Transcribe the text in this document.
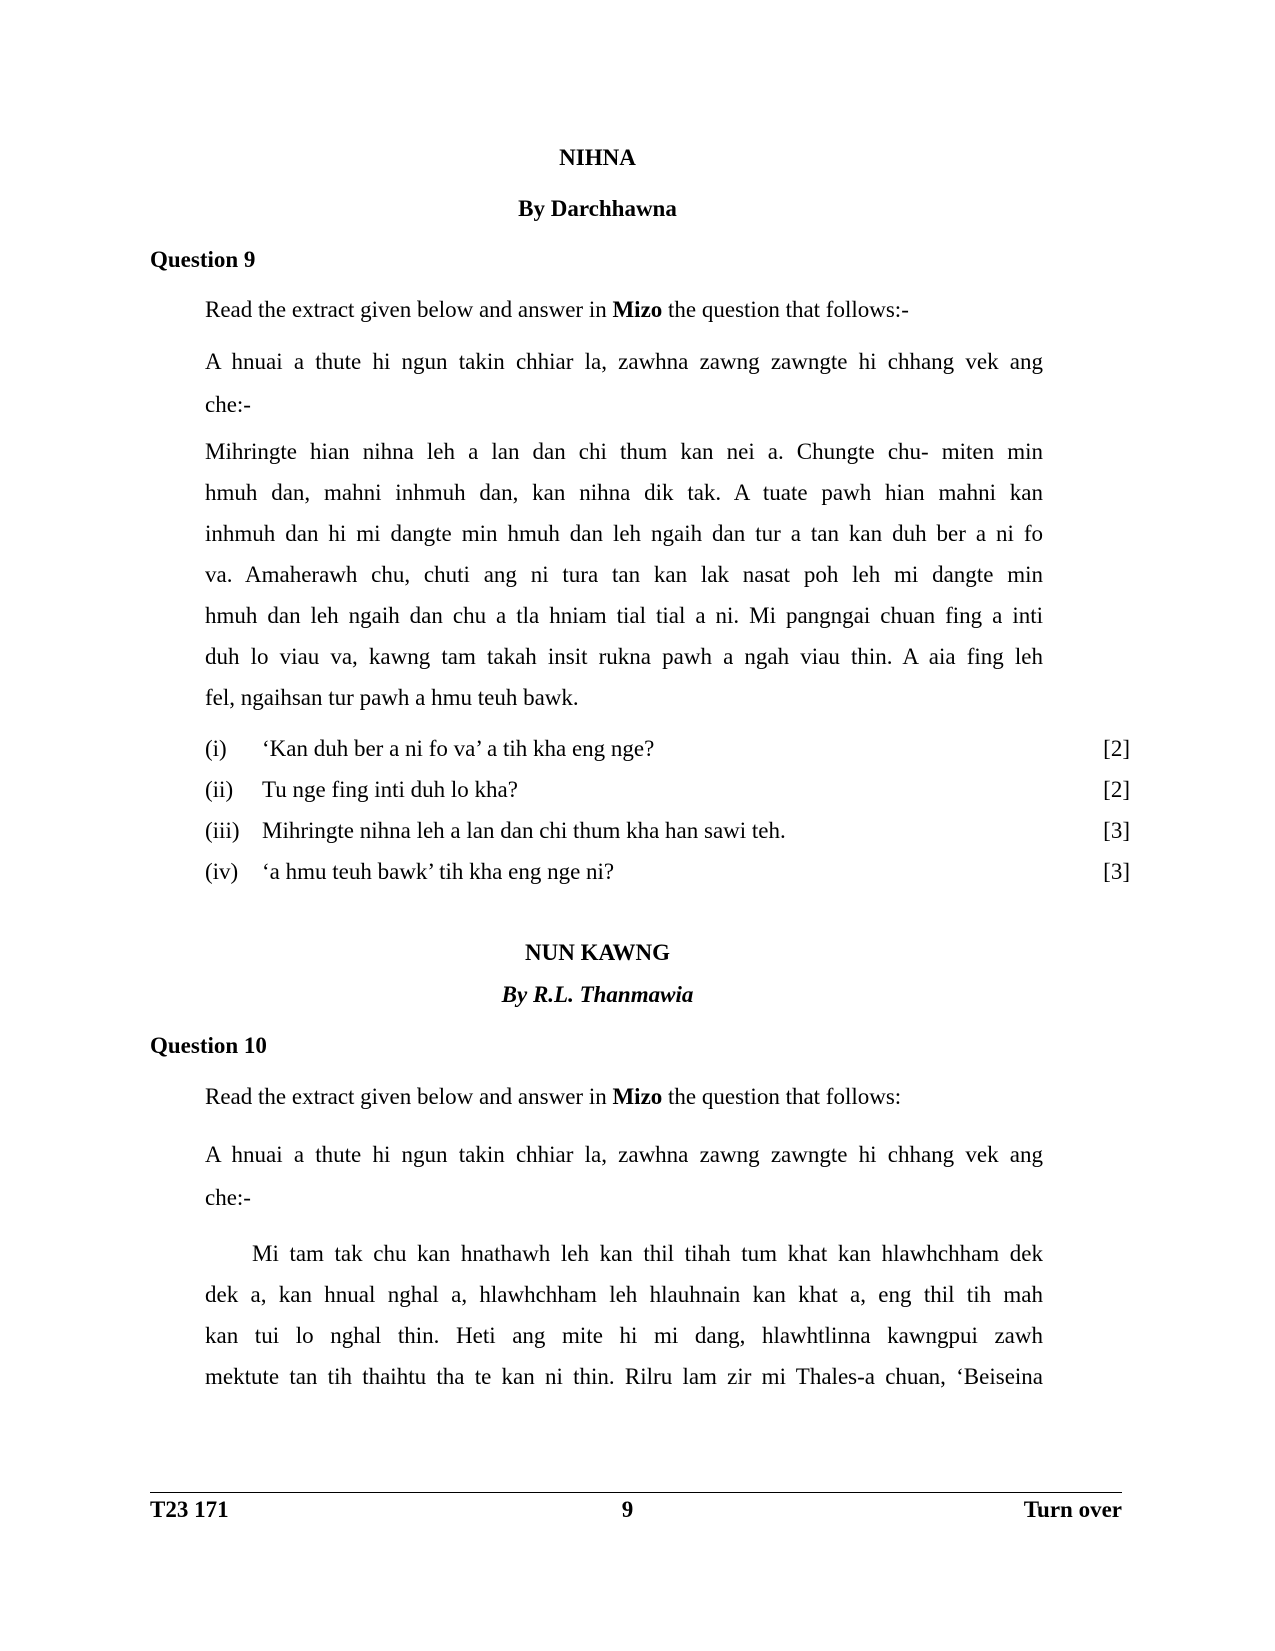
NIHNA
By Darchhawna
Question 9
Read the extract given below and answer in Mizo the question that follows:-
A hnuai a thute hi ngun takin chhiar la, zawhna zawng zawngte hi chhang vek ang
che:-
Mihringte hian nihna leh a lan dan chi thum kan nei a. Chungte chu- miten min
hmuh dan, mahni inhmuh dan, kan nihna dik tak. A tuate pawh hian mahni kan
inhmuh dan hi mi dangte min hmuh dan leh ngaih dan tur a tan kan duh ber a ni fo
va. Amaherawh chu, chuti ang ni tura tan kan lak nasat poh leh mi dangte min
hmuh dan leh ngaih dan chu a tla hniam tial tial a ni. Mi pangngai chuan fing a inti
duh lo viau va, kawng tam takah insit rukna pawh a ngah viau thin. A aia fing leh
fel, ngaihsan tur pawh a hmu teuh bawk.
(i) ‘Kan duh ber a ni fo va’ a tih kha eng nge?	[2]
(ii) Tu nge fing inti duh lo kha?	[2]
(iii) Mihringte nihna leh a lan dan chi thum kha han sawi teh.	[3]
(iv) ‘a hmu teuh bawk’ tih kha eng nge ni?	[3]
NUN KAWNG
By R.L. Thanmawia
Question 10
Read the extract given below and answer in Mizo the question that follows:
A hnuai a thute hi ngun takin chhiar la, zawhna zawng zawngte hi chhang vek ang
che:-
Mi tam tak chu kan hnathawh leh kan thil tihah tum khat kan hlawhchham dek
dek a, kan hnual nghal a, hlawhchham leh hlauhnain kan khat a, eng thil tih mah
kan tui lo nghal thin. Heti ang mite hi mi dang, hlawhtlinna kawngpui zawh
mektute tan tih thaihtu tha te kan ni thin. Rilru lam zir mi Thales-a chuan, ‘Beiseina
T23 171	9	Turn over
